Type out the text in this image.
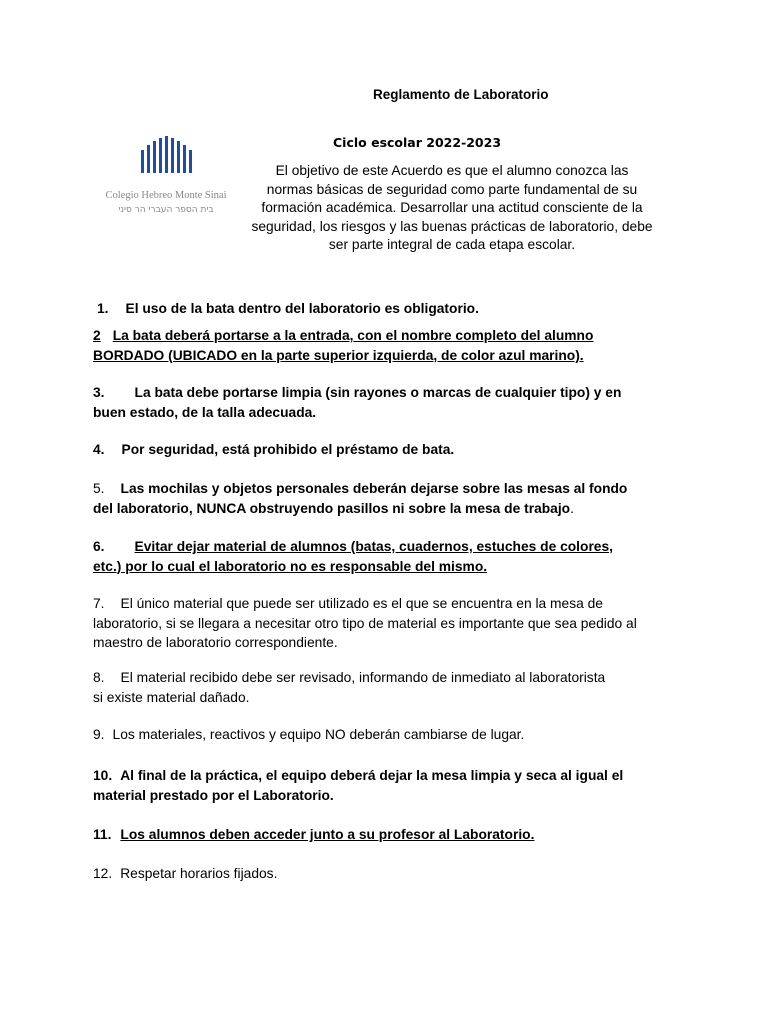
Reglamento de Laboratorio
Colegio Hebreo Monte Sinai
בית הספר העברי הר סיני
Ciclo escolar 2022-2023
El objetivo de este Acuerdo es que el alumno conozca las normas básicas de seguridad como parte fundamental de su formación académica. Desarrollar una actitud consciente de la seguridad, los riesgos y las buenas prácticas de laboratorio, debe ser parte integral de cada etapa escolar.
1. El uso de la bata dentro del laboratorio es obligatorio.
2 La bata deberá portarse a la entrada, con el nombre completo del alumno
BORDADO (UBICADO en la parte superior izquierda, de color azul marino).
3. La bata debe portarse limpia (sin rayones o marcas de cualquier tipo) y en
buen estado, de la talla adecuada.
4. Por seguridad, está prohibido el préstamo de bata.
5. Las mochilas y objetos personales deberán dejarse sobre las mesas al fondo
del laboratorio, NUNCA obstruyendo pasillos ni sobre la mesa de trabajo.
6. Evitar dejar material de alumnos (batas, cuadernos, estuches de colores,
etc.) por lo cual el laboratorio no es responsable del mismo.
7. El único material que puede ser utilizado es el que se encuentra en la mesa de
laboratorio, si se llegara a necesitar otro tipo de material es importante que sea pedido al
maestro de laboratorio correspondiente.
8. El material recibido debe ser revisado, informando de inmediato al laboratorista
si existe material dañado.
9. Los materiales, reactivos y equipo NO deberán cambiarse de lugar.
10. Al final de la práctica, el equipo deberá dejar la mesa limpia y seca al igual el
material prestado por el Laboratorio.
11. Los alumnos deben acceder junto a su profesor al Laboratorio.
12. Respetar horarios fijados.
